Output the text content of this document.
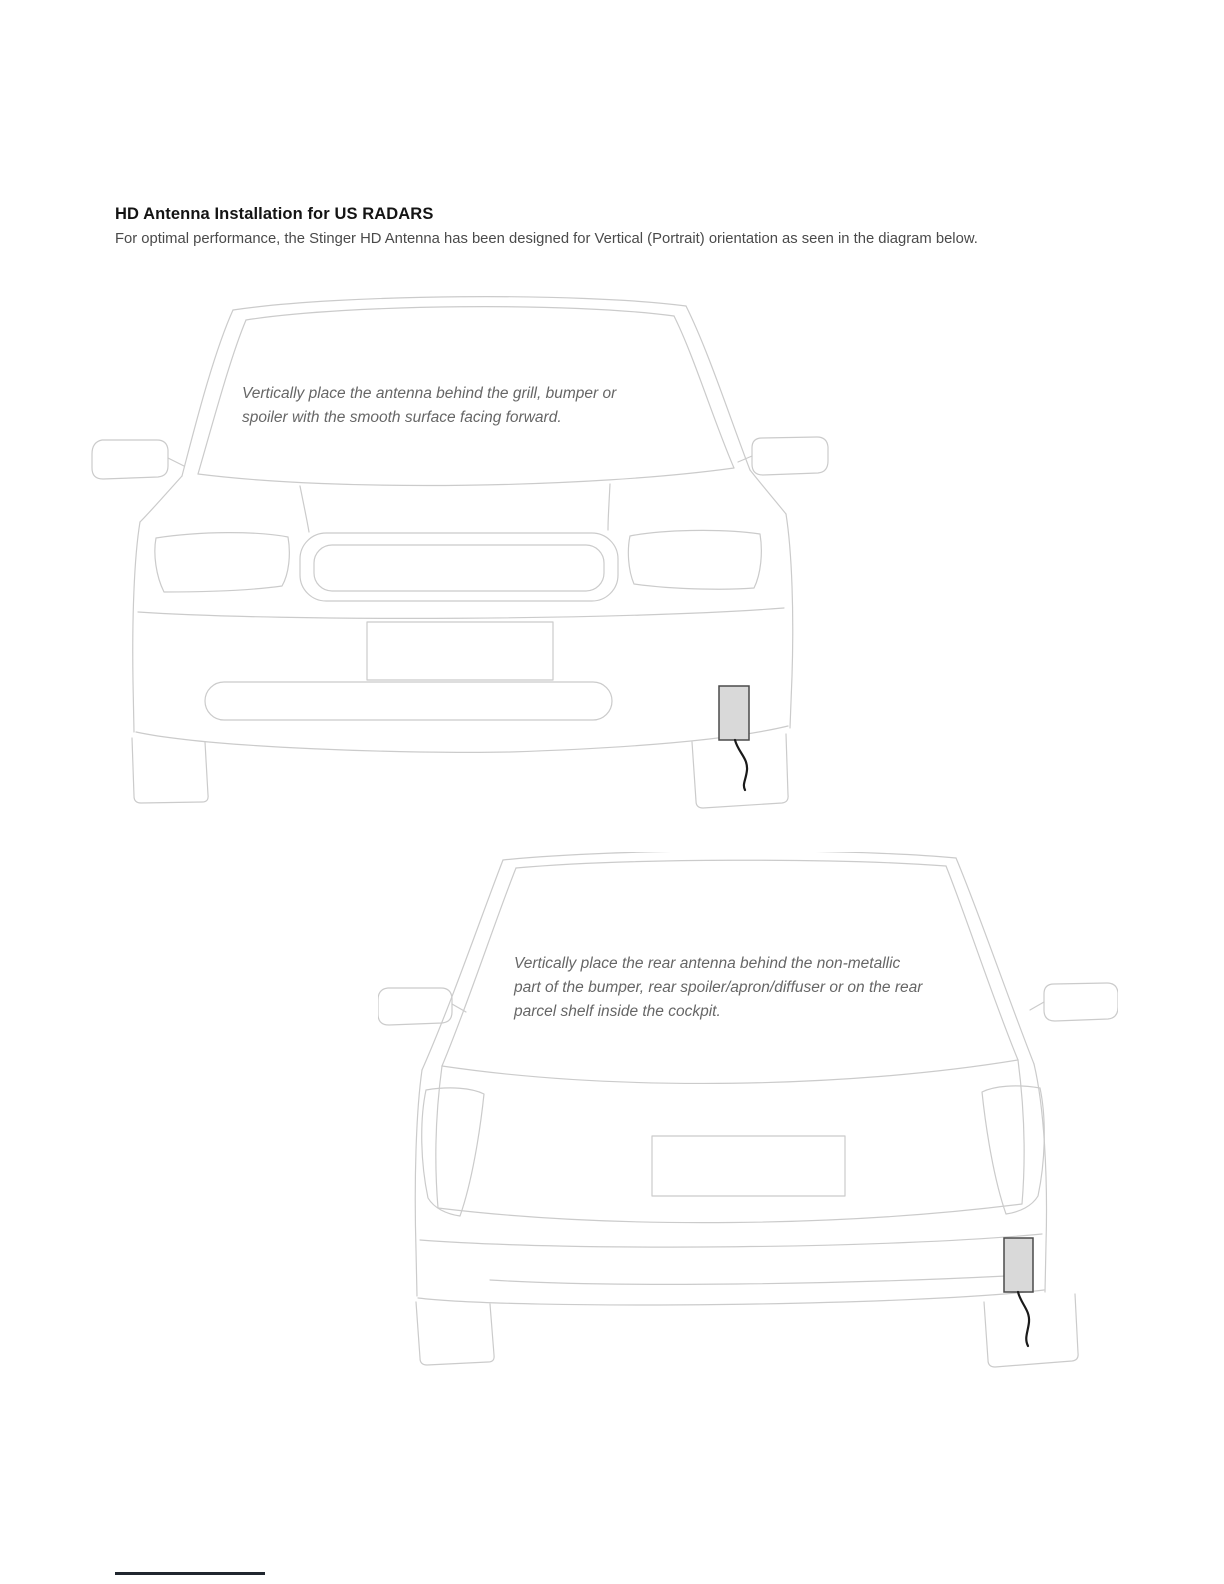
HD Antenna Installation for US RADARS

For optimal performance, the Stinger HD Antenna has been designed for Vertical (Portrait) orientation as seen in the diagram below.

Vertically place the antenna behind the grill, bumper or
spoiler with the smooth surface facing forward.
Vertically place the rear antenna behind the non-metallic
part of the bumper, rear spoiler/apron/diffuser or on the rear
parcel shelf inside the cockpit.
